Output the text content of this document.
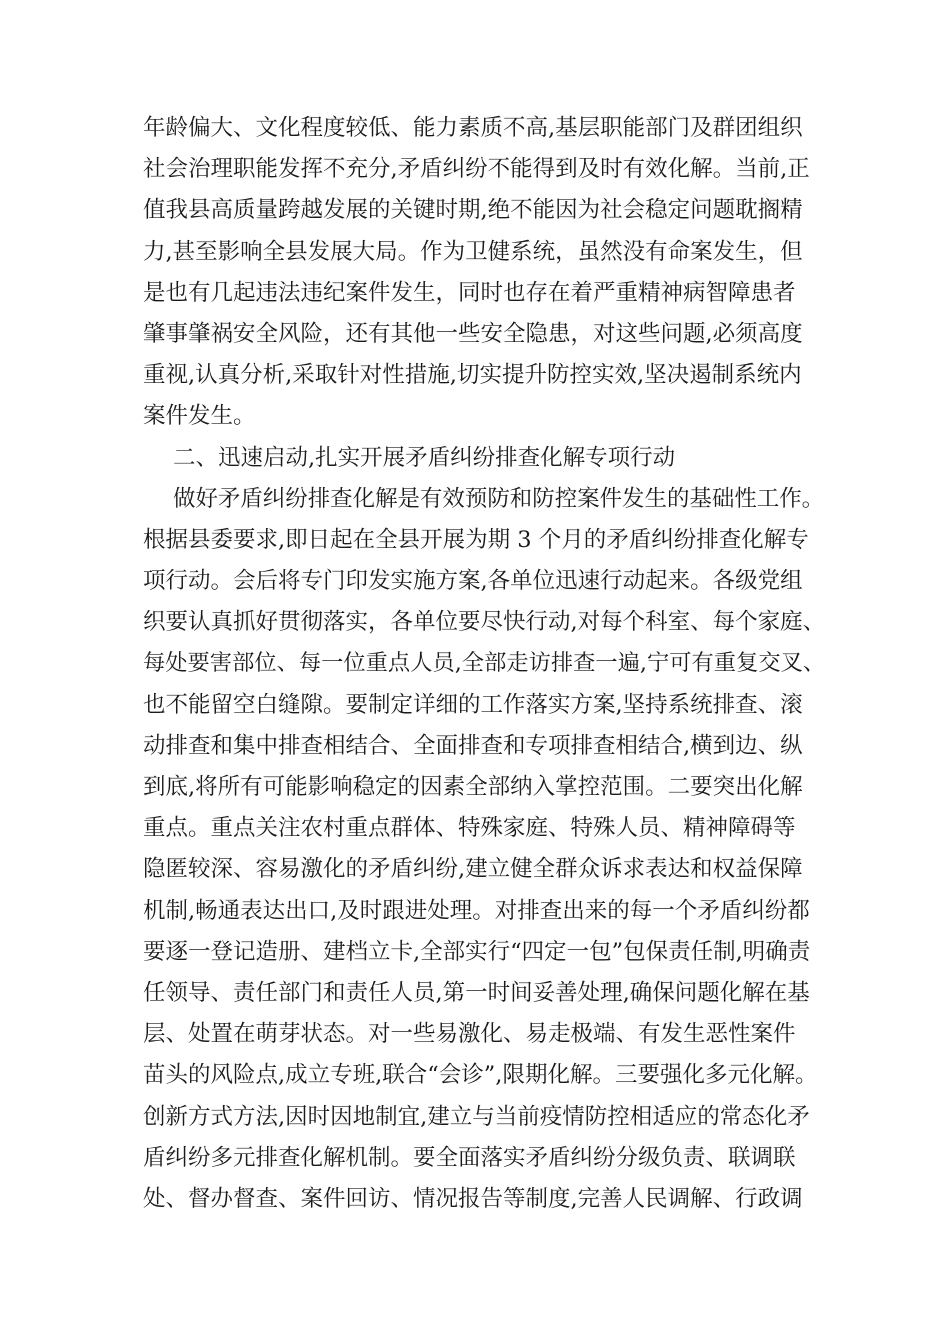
年龄偏大、文化程度较低、能力素质不高,基层职能部门及群团组织
社会治理职能发挥不充分,矛盾纠纷不能得到及时有效化解。当前,正
值我县高质量跨越发展的关键时期,绝不能因为社会稳定问题耽搁精
力,甚至影响全县发展大局。作为卫健系统，虽然没有命案发生，但
是也有几起违法违纪案件发生，同时也存在着严重精神病智障患者
肇事肇祸安全风险，还有其他一些安全隐患，对这些问题,必须高度
重视,认真分析,采取针对性措施,切实提升防控实效,坚决遏制系统内
案件发生。
二、迅速启动,扎实开展矛盾纠纷排查化解专项行动
做好矛盾纠纷排查化解是有效预防和防控案件发生的基础性工作。
根据县委要求,即日起在全县开展为期 3 个月的矛盾纠纷排查化解专
项行动。会后将专门印发实施方案,各单位迅速行动起来。各级党组
织要认真抓好贯彻落实，各单位要尽快行动,对每个科室、每个家庭、
每处要害部位、每一位重点人员,全部走访排查一遍,宁可有重复交叉、
也不能留空白缝隙。要制定详细的工作落实方案,坚持系统排查、滚
动排查和集中排查相结合、全面排查和专项排查相结合,横到边、纵
到底,将所有可能影响稳定的因素全部纳入掌控范围。二要突出化解
重点。重点关注农村重点群体、特殊家庭、特殊人员、精神障碍等
隐匿较深、容易激化的矛盾纠纷,建立健全群众诉求表达和权益保障
机制,畅通表达出口,及时跟进处理。对排查出来的每一个矛盾纠纷都
要逐一登记造册、建档立卡,全部实行“四定一包”包保责任制,明确责
任领导、责任部门和责任人员,第一时间妥善处理,确保问题化解在基
层、处置在萌芽状态。对一些易激化、易走极端、有发生恶性案件
苗头的风险点,成立专班,联合“会诊”,限期化解。三要强化多元化解。
创新方式方法,因时因地制宜,建立与当前疫情防控相适应的常态化矛
盾纠纷多元排查化解机制。要全面落实矛盾纠纷分级负责、联调联
处、督办督查、案件回访、情况报告等制度,完善人民调解、行政调
